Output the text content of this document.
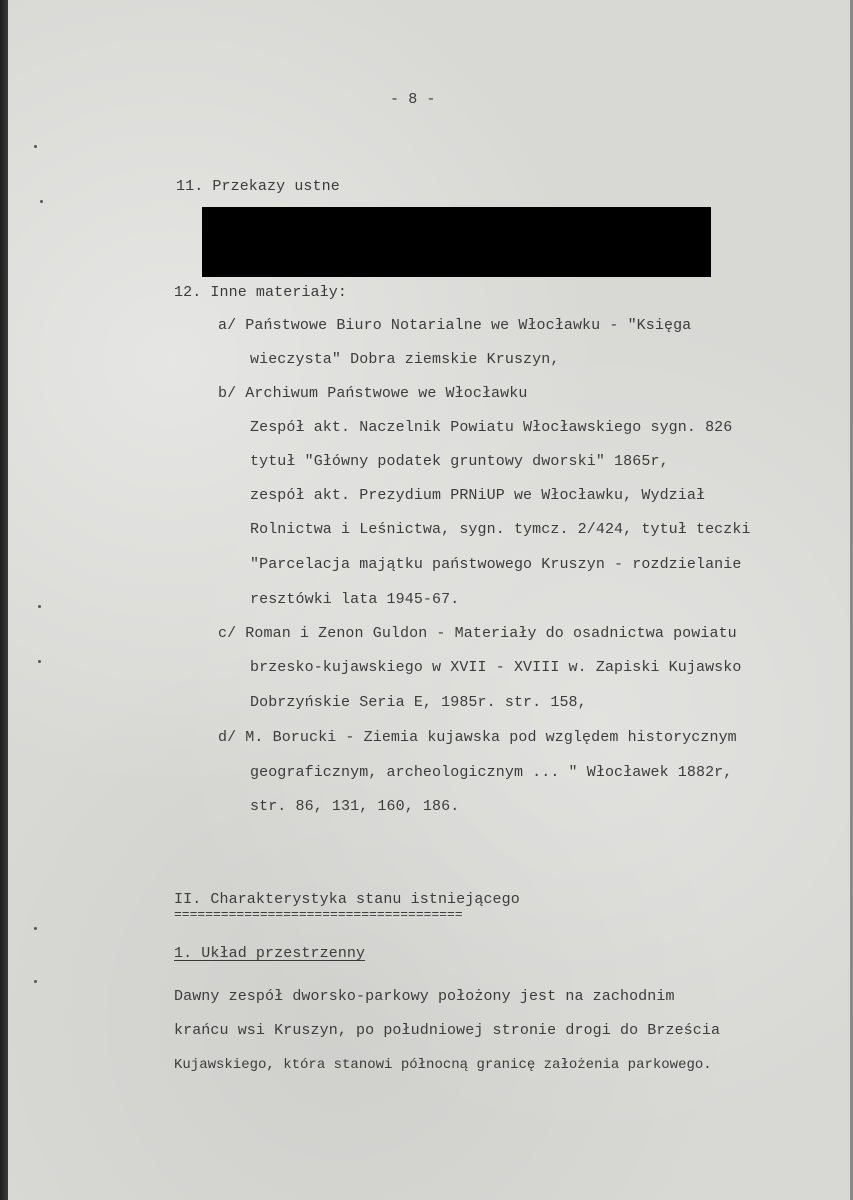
- 8 -
11. Przekazy ustne
12. Inne materiały:
a/ Państwowe Biuro Notarialne we Włocławku - "Księga
wieczysta" Dobra ziemskie Kruszyn,
b/ Archiwum Państwowe we Włocławku
Zespół akt. Naczelnik Powiatu Włocławskiego sygn. 826
tytuł "Główny podatek gruntowy dworski" 1865r,
zespół akt. Prezydium PRNiUP we Włocławku, Wydział
Rolnictwa i Leśnictwa, sygn. tymcz. 2/424, tytuł teczki
"Parcelacja majątku państwowego Kruszyn - rozdzielanie
resztówki lata 1945-67.
c/ Roman i Zenon Guldon - Materiały do osadnictwa powiatu
brzesko-kujawskiego w XVII - XVIII w. Zapiski Kujawsko
Dobrzyńskie Seria E, 1985r. str. 158,
d/ M. Borucki - Ziemia kujawska pod względem historycznym
geograficznym, archeologicznym ... " Włocławek 1882r,
str. 86, 131, 160, 186.
II. Charakterystyka stanu istniejącego
=====================================
1. Układ przestrzenny
Dawny zespół dworsko-parkowy położony jest na zachodnim
krańcu wsi Kruszyn, po południowej stronie drogi do Brześcia
Kujawskiego, która stanowi północną granicę założenia parkowego.
